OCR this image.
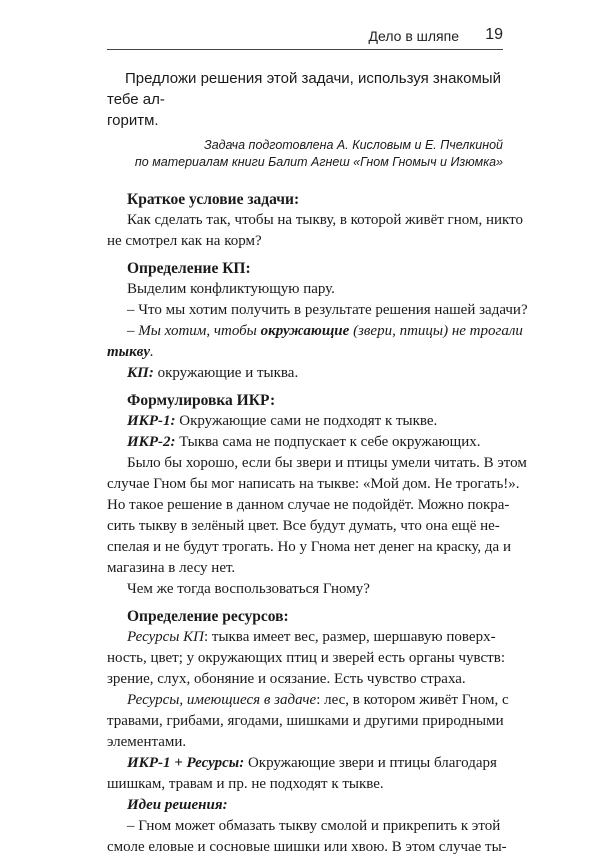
Дело в шляпе 19

Предложи решения этой задачи, используя знакомый тебе ал-
горитм.

Задача подготовлена А. Кисловым и Е. Пчелкиной
по материалам книги Балит Агнеш «Гном Гномыч и Изюмка»
Краткое условие задачи:
Как сделать так, чтобы на тыкву, в которой живёт гном, никто
не смотрел как на корм?
Определение КП:
Выделим конфликтующую пару.
– Что мы хотим получить в результате решения нашей задачи?
– Мы хотим, чтобы окружающие (звери, птицы) не трогали
тыкву.
КП: окружающие и тыква.
Формулировка ИКР:
ИКР-1: Окружающие сами не подходят к тыкве.
ИКР-2: Тыква сама не подпускает к себе окружающих.
Было бы хорошо, если бы звери и птицы умели читать. В этом
случае Гном бы мог написать на тыкве: «Мой дом. Не трогать!».
Но такое решение в данном случае не подойдёт. Можно покра-
сить тыкву в зелёный цвет. Все будут думать, что она ещё не-
спелая и не будут трогать. Но у Гнома нет денег на краску, да и
магазина в лесу нет.
Чем же тогда воспользоваться Гному?
Определение ресурсов:
Ресурсы КП: тыква имеет вес, размер, шершавую поверх-
ность, цвет; у окружающих птиц и зверей есть органы чувств:
зрение, слух, обоняние и осязание. Есть чувство страха.
Ресурсы, имеющиеся в задаче: лес, в котором живёт Гном, с
травами, грибами, ягодами, шишками и другими природными
элементами.
ИКР-1 + Ресурсы: Окружающие звери и птицы благодаря
шишкам, травам и пр. не подходят к тыкве.
Идеи решения:
– Гном может обмазать тыкву смолой и прикрепить к этой
смоле еловые и сосновые шишки или хвою. В этом случае ты-
